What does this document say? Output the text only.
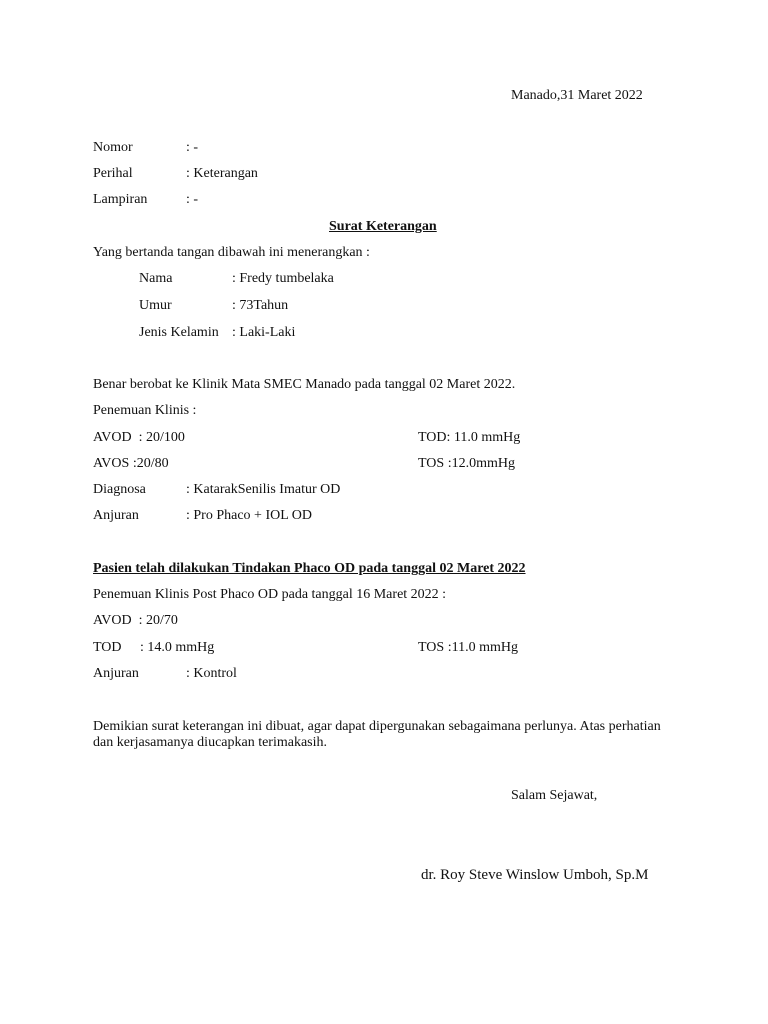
Manado,31 Maret 2022
Nomor	: -
Perihal	: Keterangan
Lampiran	: -
Surat Keterangan
Yang bertanda tangan dibawah ini menerangkan :
Nama	: Fredy tumbelaka
Umur	: 73Tahun
Jenis Kelamin : Laki-Laki
Benar berobat ke Klinik Mata SMEC Manado pada tanggal 02 Maret 2022.
Penemuan Klinis :
AVOD  : 20/100	TOD: 11.0 mmHg
AVOS :20/80	TOS :12.0mmHg
Diagnosa	: KatarakSenilis Imatur OD
Anjuran	: Pro Phaco + IOL OD
Pasien telah dilakukan Tindakan Phaco OD pada tanggal 02 Maret 2022
Penemuan Klinis Post Phaco OD pada tanggal 16 Maret 2022 :
AVOD  : 20/70
TOD : 14.0 mmHg	TOS :11.0 mmHg
Anjuran	: Kontrol
Demikian surat keterangan ini dibuat, agar dapat dipergunakan sebagaimana perlunya. Atas perhatian dan kerjasamanya diucapkan terimakasih.
Salam Sejawat,
dr. Roy Steve Winslow Umboh, Sp.M
